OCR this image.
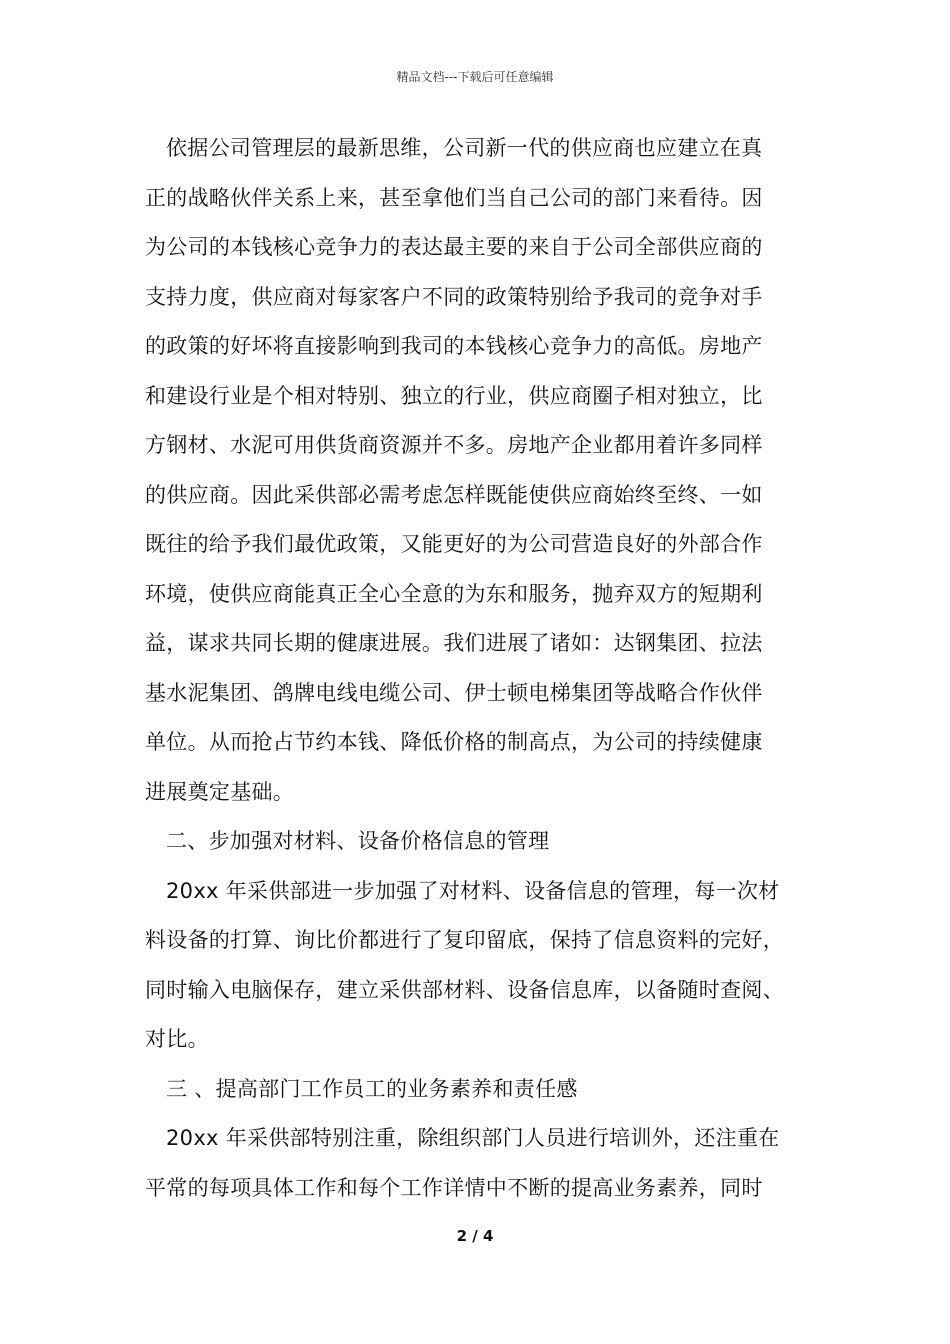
精品文档---下载后可任意编辑

依据公司管理层的最新思维，公司新一代的供应商也应建立在真
正的战略伙伴关系上来，甚至拿他们当自己公司的部门来看待。因
为公司的本钱核心竞争力的表达最主要的来自于公司全部供应商的
支持力度，供应商对每家客户不同的政策特别给予我司的竞争对手
的政策的好坏将直接影响到我司的本钱核心竞争力的高低。房地产
和建设行业是个相对特别、独立的行业，供应商圈子相对独立，比
方钢材、水泥可用供货商资源并不多。房地产企业都用着许多同样
的供应商。因此采供部必需考虑怎样既能使供应商始终至终、一如
既往的给予我们最优政策，又能更好的为公司营造良好的外部合作
环境，使供应商能真正全心全意的为东和服务，抛弃双方的短期利
益，谋求共同长期的健康进展。我们进展了诸如：达钢集团、拉法
基水泥集团、鸽牌电线电缆公司、伊士顿电梯集团等战略合作伙伴
单位。从而抢占节约本钱、降低价格的制高点，为公司的持续健康
进展奠定基础。

二、步加强对材料、设备价格信息的管理

20xx 年采供部进一步加强了对材料、设备信息的管理，每一次材
料设备的打算、询比价都进行了复印留底，保持了信息资料的完好，
同时输入电脑保存，建立采供部材料、设备信息库，以备随时查阅、
对比。

三 、提高部门工作员工的业务素养和责任感

20xx 年采供部特别注重，除组织部门人员进行培训外，还注重在
平常的每项具体工作和每个工作详情中不断的提高业务素养，同时

2 / 4
